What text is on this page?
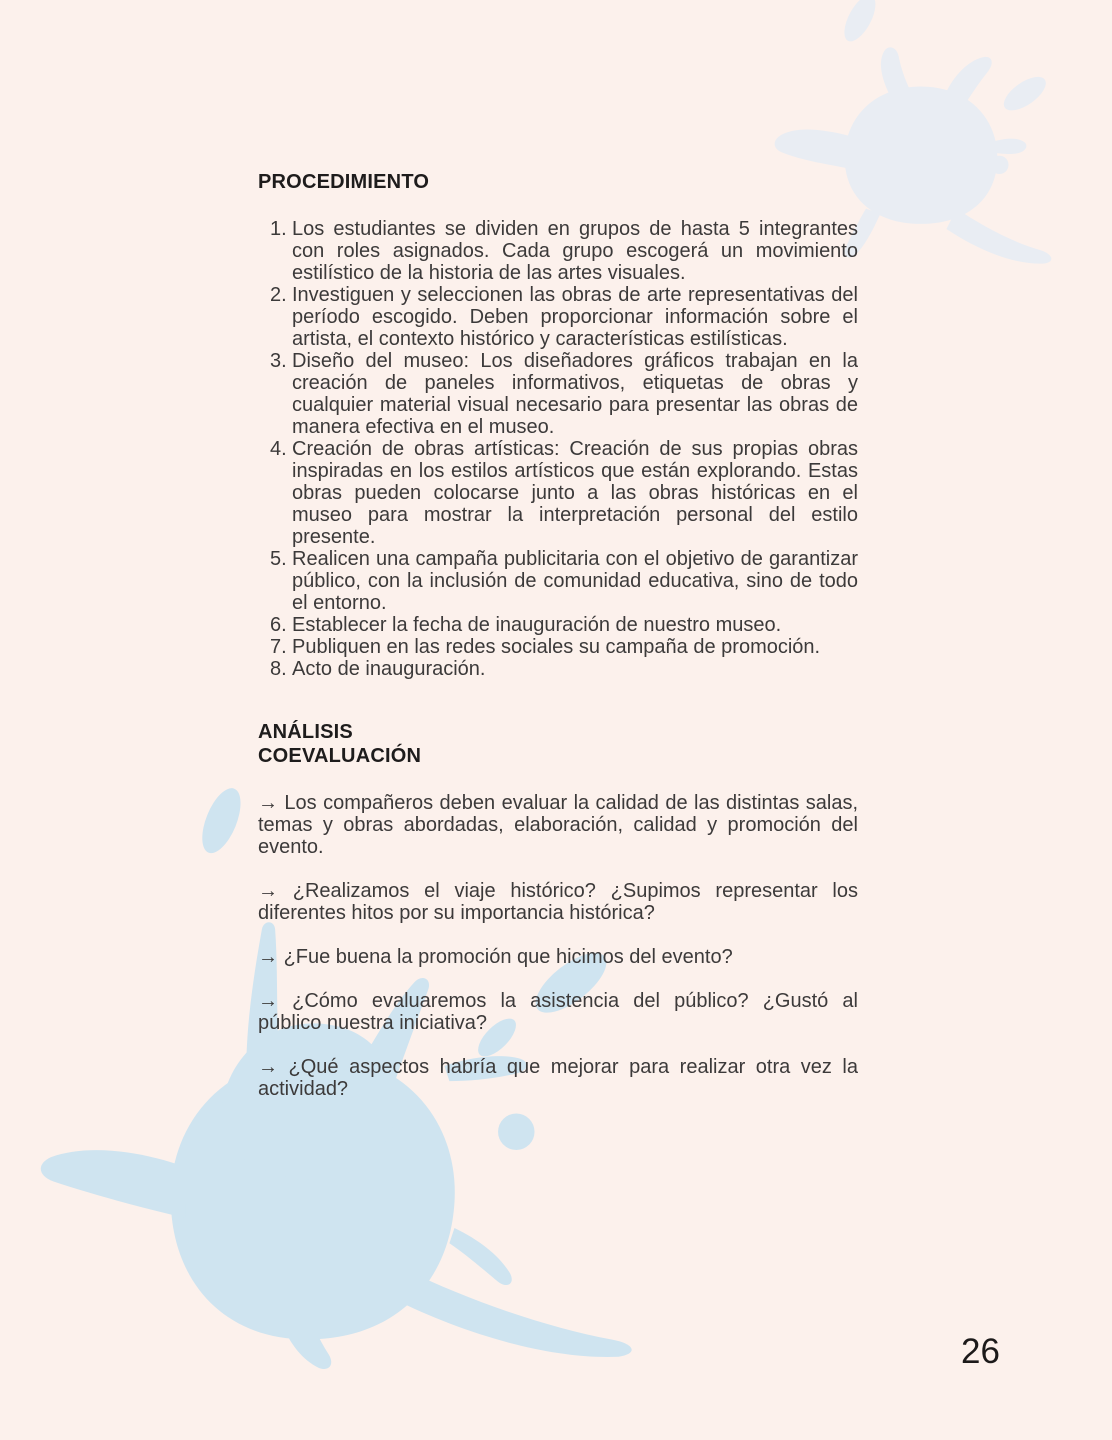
PROCEDIMIENTO
Los estudiantes se dividen en grupos de hasta 5 integrantes con roles asignados. Cada grupo escogerá un movimiento estilístico de la historia de las artes visuales.
Investiguen y seleccionen las obras de arte representativas del período escogido. Deben proporcionar información sobre el artista, el contexto histórico y características estilísticas.
Diseño del museo: Los diseñadores gráficos trabajan en la creación de paneles informativos, etiquetas de obras y cualquier material visual necesario para presentar las obras de manera efectiva en el museo.
Creación de obras artísticas: Creación de sus propias obras inspiradas en los estilos artísticos que están explorando. Estas obras pueden colocarse junto a las obras históricas en el museo para mostrar la interpretación personal del estilo presente.
Realicen una campaña publicitaria con el objetivo de garantizar público, con la inclusión de comunidad educativa, sino de todo el entorno.
Establecer la fecha de inauguración de nuestro museo.
Publiquen en las redes sociales su campaña de promoción.
Acto de inauguración.
ANÁLISIS
COEVALUACIÓN

→ Los compañeros deben evaluar la calidad de las distintas salas, temas y obras abordadas, elaboración, calidad y promoción del evento.

→ ¿Realizamos el viaje histórico? ¿Supimos representar los diferentes hitos por su importancia histórica?

→ ¿Fue buena la promoción que hicimos del evento?

→ ¿Cómo evaluaremos la asistencia del público? ¿Gustó al público nuestra iniciativa?

→ ¿Qué aspectos habría que mejorar para realizar otra vez la actividad?

26
